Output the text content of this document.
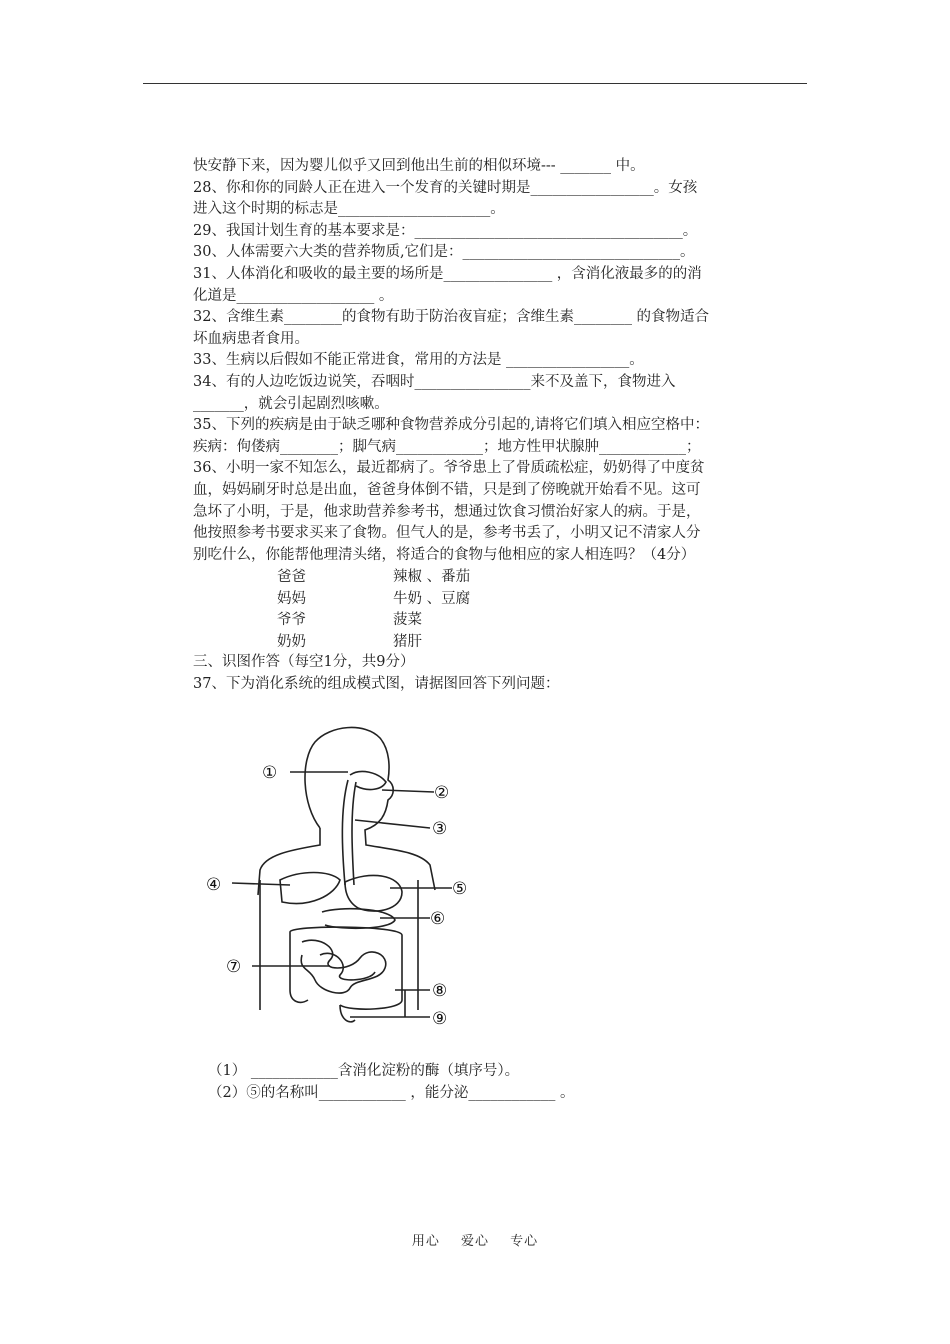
快安静下来，因为婴儿似乎又回到他出生前的相似环境--- _______ 中。
28、你和你的同龄人正在进入一个发育的关键时期是_________________。女孩
进入这个时期的标志是_____________________。
29、我国计划生育的基本要求是：_____________________________________。
30、人体需要六大类的营养物质,它们是：______________________________。
31、人体消化和吸收的最主要的场所是_______________ ，含消化液最多的的消
化道是___________________ 。
32、含维生素________的食物有助于防治夜盲症；含维生素________ 的食物适合
坏血病患者食用。
33、生病以后假如不能正常进食，常用的方法是 _________________。
34、有的人边吃饭边说笑，吞咽时________________来不及盖下，食物进入
_______，就会引起剧烈咳嗽。
35、下列的疾病是由于缺乏哪种食物营养成分引起的,请将它们填入相应空格中：
疾病：佝偻病________；脚气病____________；地方性甲状腺肿____________；
36、小明一家不知怎么，最近都病了。爷爷患上了骨质疏松症，奶奶得了中度贫
血，妈妈刷牙时总是出血，爸爸身体倒不错，只是到了傍晚就开始看不见。这可
急坏了小明，于是，他求助营养参考书，想通过饮食习惯治好家人的病。于是，
他按照参考书要求买来了食物。但气人的是，参考书丢了，小明又记不清家人分
别吃什么，你能帮他理清头绪，将适合的食物与他相应的家人相连吗？（4分）
爸爸	辣椒 、番茄
妈妈	牛奶 、豆腐
爷爷	菠菜
奶奶	猪肝
三、识图作答（每空1分，共9分）
37、下为消化系统的组成模式图，请据图回答下列问题：
①
②
③
④	⑤
⑥
⑦
⑧
⑨
（1） ____________含消化淀粉的酶（填序号）。
（2）⑤的名称叫____________ ，能分泌____________ 。
用心 爱心 专心
